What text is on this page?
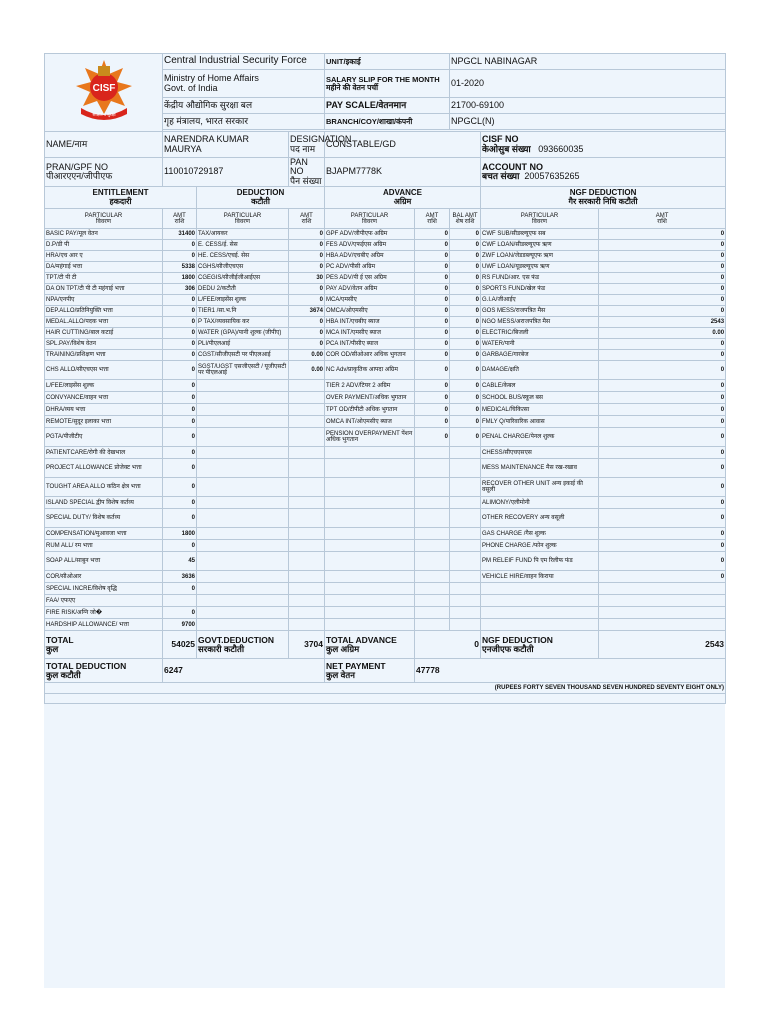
CISF
संरक्षण व सुरक्षा	Central Industrial Security Force			UNIT/इकाई		NPGCL NABINAGAR		
	Ministry of Home Affairs
Govt. of India			SALARY SLIP FOR THE MONTH
महीने की वेतन पर्ची		01-2020		
	केंद्रीय औद्योगिक सुरक्षा बल			PAY SCALE/वेतनमान		21700-69100		
	गृह मंत्रालय, भारत सरकार			BRANCH/COY/शाखा/कंपनी		NPGCL(N)		

NAME/नाम	NARENDRA KUMAR MAURYA		DESIGNATION
पद नाम	CONSTABLE/GD			CISF NO
केओसुब संख्या 093660035	
PRAN/GPF NO
पीआरएएन/जीपीएफ	110010729187		PAN NO
पैन संख्या	BJAPM7778K			ACCOUNT NO
बचत संख्या 20057635265	
ENTITLEMENT
हकदारी		DEDUCTION
कटौती		ADVANCE
अग्रिम			NGF DEDUCTION
गैर सरकारी निधि कटौती	
PARTICULAR
विवरण	AMT
राशि	PARTICULAR
विवरण	AMT
राशि	PARTICULAR
विवरण	AMT
राशि	BAL AMT
शेष राशि	PARTICULAR
विवरण	AMT
राशि
BASIC PAY/मूल वेतन	31400	TAX/आयकर	0	GPF ADV/जीपीएफ अग्रिम	0	0	CWF SUB/सीडब्ल्यूएफ सब	0
D.P/डी पी	0	E. CESS/ई. सेस	0	FES ADV/एफईएस अग्रिम	0	0	CWF LOAN/सीडब्ल्यूएफ ऋण	0
HRA/एच आर ए	0	HE. CESS/एचई. सेस	0	HBA ADV/एचबीए अग्रिम	0	0	ZWF LOAN/जेडडब्ल्यूएफ ऋण	0
DA/महंगाई भत्ता	5338	CGHS/सीजीएचएस	0	PC ADV/पीसी अग्रिम	0	0	UWF LOAN/यूडब्ल्यूएफ ऋण	0
TPT/टी पी टी	1800	CGEGIS/सीजीईजीआईएस	30	PES ADV/पी ई एस अग्रिम	0	0	RS FUND/आर. एस फंड	0
DA ON TPT/टी पी टी महंगाई भत्ता	306	DEDU 2/कटौती	0	PAY ADV/वेतन अग्रिम	0	0	SPORTS FUND/खेल फंड	0
NPA/एनपीए	0	L/FEE/लाइसेंस शुल्क	0	MCA/एमसीए	0	0	G.I.A/जीआईए	0
DEP.ALLO/प्रतिनियुक्ति भत्ता	0	TIER1 /सा.भ.नि	3674	OMCA/ओएमसीए	0	0	GOS MESS/राजपत्रित मैस	0
MEDAL.ALLO/पदक भत्ता	0	P TAX/व्यवसायिक कर	0	HBA INT/एचबीए ब्याज	0	0	NGO MESS/अराजपत्रित मैस	2543
HAIR CUTTING/बाल कटाई	0	WATER (GPA)/पानी शुल्क (जीपीए)	0	MCA INT/एमसीए ब्याज	0	0	ELECTRIC/बिजली	0.00
SPL.PAY/विशेष वेतन	0	PLI/पीएलआई	0	PCA INT/पीसीए ब्याज	0	0	WATER/पानी	0
TRAINING/प्रशिक्षण भत्ता	0	CGST/सीजीएसटी पर पीएलआई	0.00	COR OD/सीओआर अधिक भुगतान	0	0	GARBAGE/गारबेज	0
CHS ALLO/सीएचएस भत्ता	0	SGST/UGST एसजीएसटी / यूजीएसटी पर पीएलआई	0.00	NC Adv/प्राकृतिक आपदा अग्रिम	0	0	DAMAGE/क्षति	0
L/FEE/लाइसेंस शुल्क	0			TIER 2 ADV/टियर 2 अग्रिम	0	0	CABLE/केबल	0
CONVYANCE/वाहन भत्ता	0			OVER PAYMENT/अधिक भुगतान	0	0	SCHOOL BUS/स्कूल बस	0
DHRA/व्यय भत्ता	0			TPT OD/टीपीटी अधिक भुगतान	0	0	MEDICAL/चिकित्सा	0
REMOTE/सुदूर इलाका भत्ता	0			OMCA INT/ओएमसीए ब्याज	0	0	FMLY Q/पारिवारिक आवास	0
PGTA/पीजीटीए	0			PENSION OVERPAYMENT पेंशन अधिक भुगतान	0	0	PENAL CHARGE/पेनल शुल्क	0
PATIENTCARE/रोगी की देखभाल	0						CHESS/सीएचएसएस	0
PROJECT ALLOWANCE प्रोजेक्ट भत्ता	0						MESS MAINTENANCE मैस रख-रखाव	0
TOUGHT AREA ALLO कठिन क्षेत्र भत्ता	0						RECOVER OTHER UNIT अन्य इकाई की वसूली	0
ISLAND SPECIAL द्वीप विशेष कर्तव्य	0						ALIMONY/एलीमोनी	0
SPECIAL DUTY/ विशेष कर्तव्य	0						OTHER RECOVERY अन्य वसूली	0
COMPENSATION/मुआवजा भत्ता	1800						GAS CHARGE /गैस शुल्क	0
RUM ALL/ रम भत्ता	0						PHONE CHARGE /फोन शुल्क	0
SOAP ALL/साबुन भत्ता	45						PM RELEIF FUND पि एम रिलीफ फंड	0
COR/सीओआर	3636						VEHICLE HIRE/वाहन किराया	0
SPECIAL INCRE/विशेष वृद्धि	0							
FAA/ एफएए								
FIRE RISK/अग्नि जो�	0							
HARDSHIP ALLOWANCE/ भत्ता	9700							
TOTAL
कुल	54025	GOVT.DEDUCTION
सरकारी कटौती	3704	TOTAL ADVANCE
कुल अग्रिम	0		NGF DEDUCTION
एनजीएफ कटौती	2543
TOTAL DEDUCTION
कुल कटौती	6247			NET PAYMENT
कुल वेतन	47778			
(RUPEES FORTY SEVEN THOUSAND SEVEN HUNDRED SEVENTY EIGHT ONLY)								
